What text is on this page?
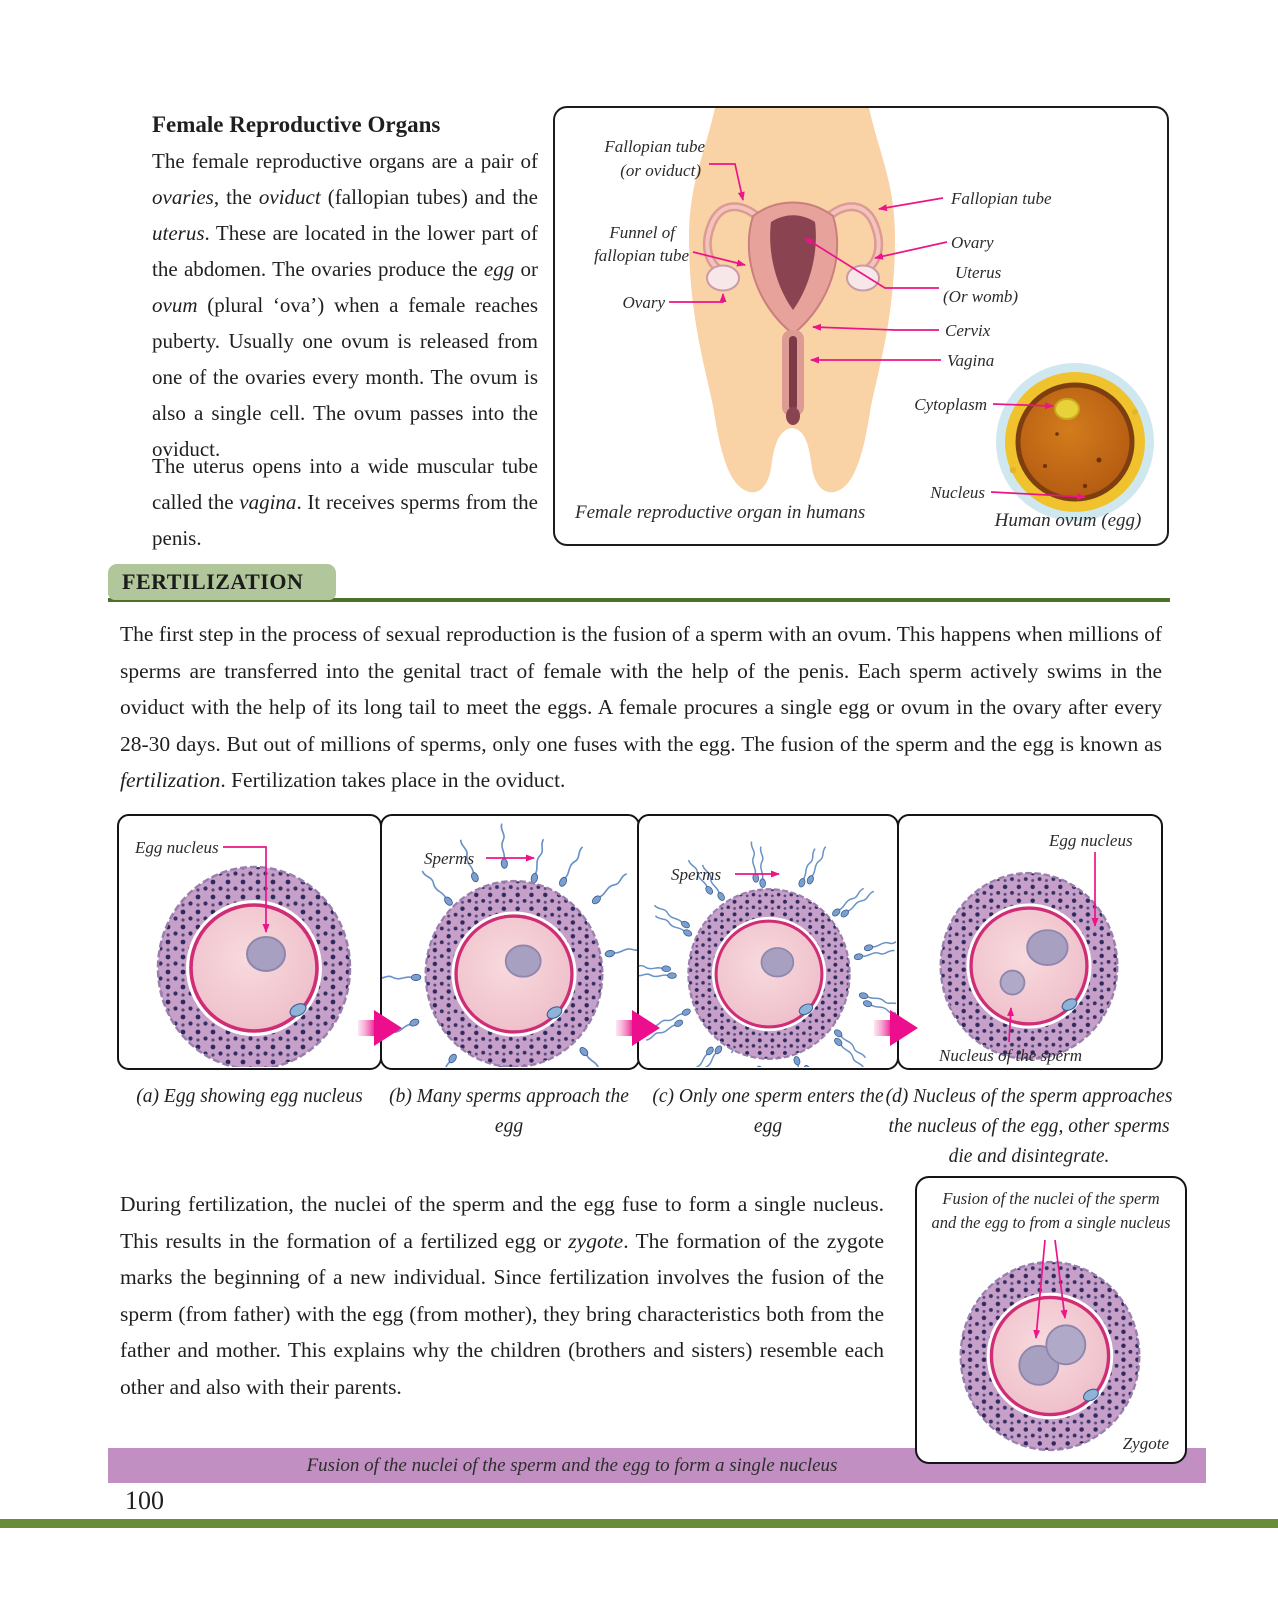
Female Reproductive Organs
The female reproductive organs are a pair of ovaries, the oviduct (fallopian tubes) and the uterus. These are located in the lower part of the abdomen. The ovaries produce the egg or ovum (plural ‘ova’) when a female reaches puberty. Usually one ovum is released from one of the ovaries every month. The ovum is also a single cell. The ovum passes into the oviduct.
The uterus opens into a wide muscular tube called the vagina. It receives sperms from the penis.
Fallopian tube
(or oviduct)
Funnel of
fallopian tube
Ovary
Fallopian tube
Ovary
Uterus
(Or womb)
Cervix
Vagina
Cytoplasm
Nucleus
Female reproductive organ in humans	Human ovum (egg)
FERTILIZATION
The first step in the process of sexual reproduction is the fusion of a sperm with an ovum. This happens when millions of sperms are transferred into the genital tract of female with the help of the penis. Each sperm actively swims in the oviduct with the help of its long tail to meet the eggs. A female procures a single egg or ovum in the ovary after every 28-30 days. But out of millions of sperms, only one fuses with the egg. The fusion of the sperm and the egg is known as fertilization. Fertilization takes place in the oviduct.
Egg nucleus
Sperms
Sperms
Egg nucleus
Nucleus of the sperm
(a) Egg showing egg nucleus	(b) Many sperms approach the egg
(c) Only one sperm enters the egg
(d) Nucleus of the sperm approaches the nucleus of the egg, other sperms die and disintegrate.
During fertilization, the nuclei of the sperm and the egg fuse to form a single nucleus. This results in the formation of a fertilized egg or zygote. The formation of the zygote marks the beginning of a new individual. Since fertilization involves the fusion of the sperm (from father) with the egg (from mother), they bring characteristics both from the father and mother. This explains why the children (brothers and sisters) resemble each other and also with their parents.
Fusion of the nuclei of the sperm
and the egg to from a single nucleus
Zygote
Fusion of the nuclei of the sperm and the egg to form a single nucleus
100
